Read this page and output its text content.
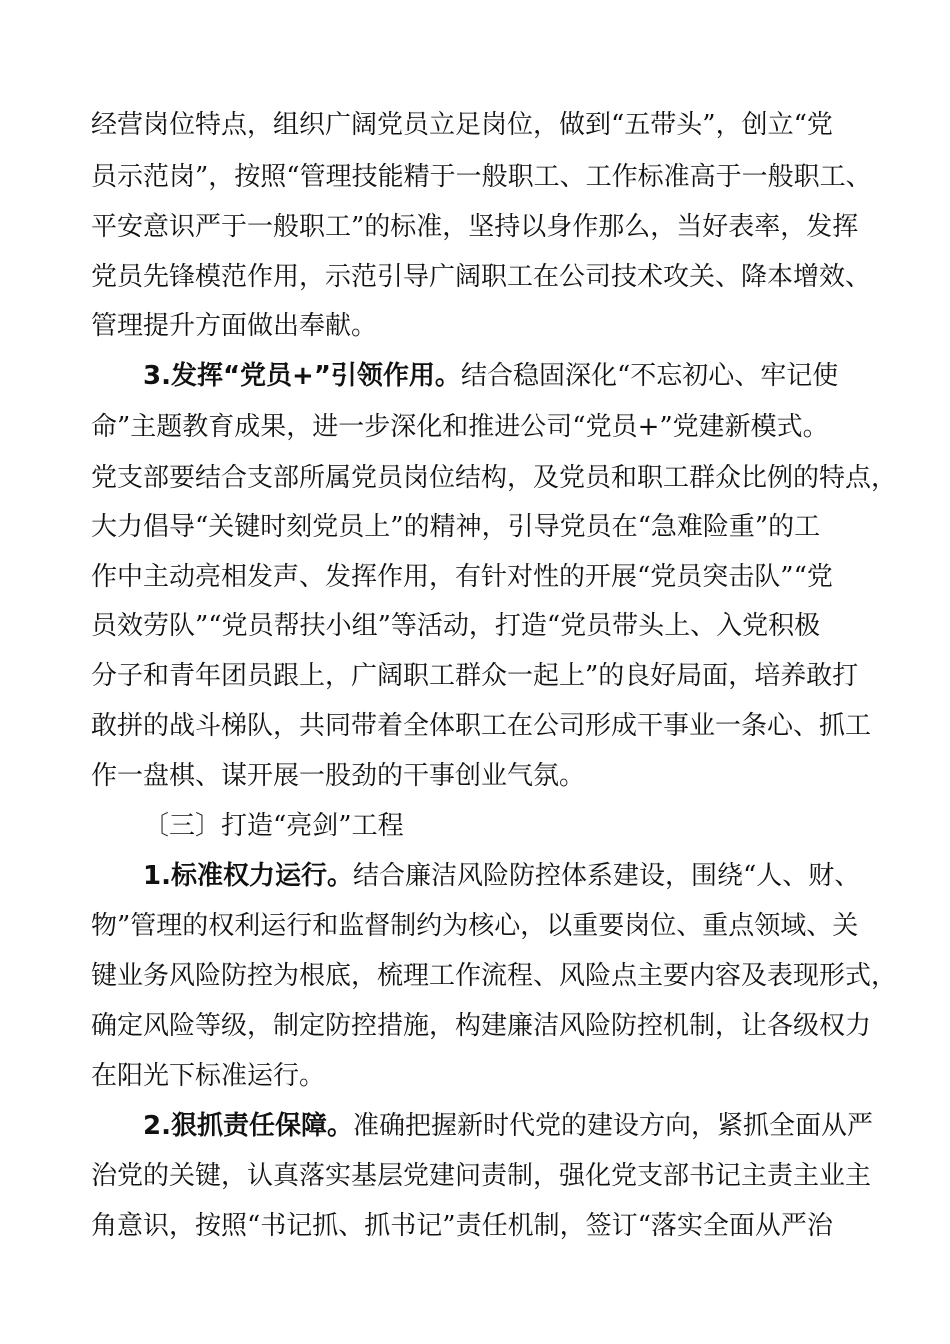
经营岗位特点，组织广阔党员立足岗位，做到“五带头”，创立“党

员示范岗”，按照“管理技能精于一般职工、工作标准高于一般职工、

平安意识严于一般职工”的标准，坚持以身作那么，当好表率，发挥

党员先锋模范作用，示范引导广阔职工在公司技术攻关、降本增效、

管理提升方面做出奉献。

3.发挥“党员+”引领作用。结合稳固深化“不忘初心、牢记使

命”主题教育成果，进一步深化和推进公司“党员+”党建新模式。

党支部要结合支部所属党员岗位结构，及党员和职工群众比例的特点，

大力倡导“关键时刻党员上”的精神，引导党员在“急难险重”的工

作中主动亮相发声、发挥作用，有针对性的开展“党员突击队”“党

员效劳队”“党员帮扶小组”等活动，打造“党员带头上、入党积极

分子和青年团员跟上，广阔职工群众一起上”的良好局面，培养敢打

敢拼的战斗梯队，共同带着全体职工在公司形成干事业一条心、抓工

作一盘棋、谋开展一股劲的干事创业气氛。

〔三〕打造“亮剑”工程

1.标准权力运行。结合廉洁风险防控体系建设，围绕“人、财、

物”管理的权利运行和监督制约为核心，以重要岗位、重点领域、关

键业务风险防控为根底，梳理工作流程、风险点主要内容及表现形式，

确定风险等级，制定防控措施，构建廉洁风险防控机制，让各级权力

在阳光下标准运行。

2.狠抓责任保障。准确把握新时代党的建设方向，紧抓全面从严

治党的关键，认真落实基层党建问责制，强化党支部书记主责主业主

角意识，按照“书记抓、抓书记”责任机制，签订“落实全面从严治
